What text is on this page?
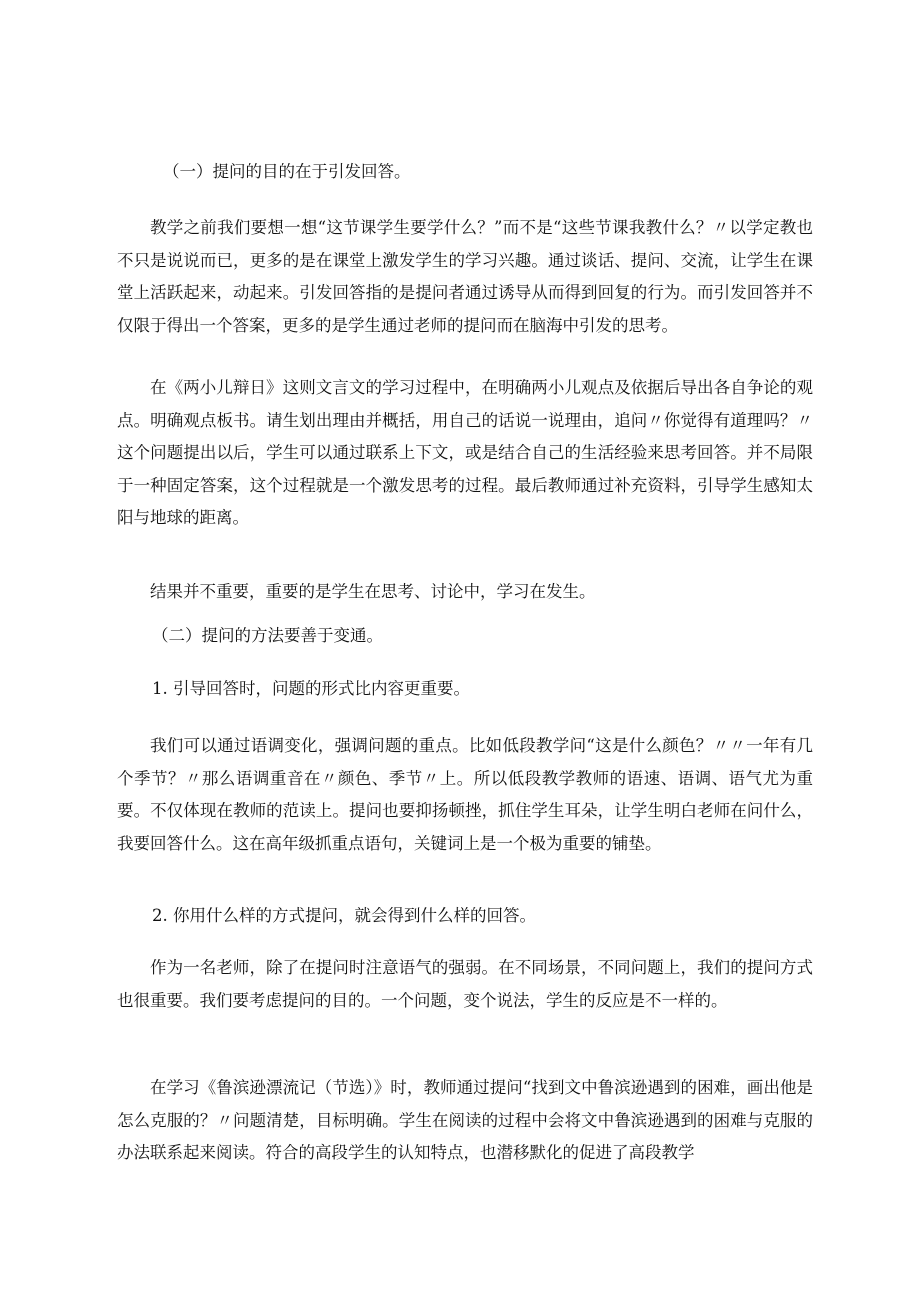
（一）提问的目的在于引发回答。

教学之前我们要想一想“这节课学生要学什么？”而不是“这些节课我教什么？〃以学定教也不只是说说而已，更多的是在课堂上激发学生的学习兴趣。通过谈话、提问、交流，让学生在课堂上活跃起来，动起来。引发回答指的是提问者通过诱导从而得到回复的行为。而引发回答并不仅限于得出一个答案，更多的是学生通过老师的提问而在脑海中引发的思考。

在《两小儿辩日》这则文言文的学习过程中，在明确两小儿观点及依据后导出各自争论的观点。明确观点板书。请生划出理由并概括，用自己的话说一说理由，追问〃你觉得有道理吗？〃这个问题提出以后，学生可以通过联系上下文，或是结合自己的生活经验来思考回答。并不局限于一种固定答案，这个过程就是一个激发思考的过程。最后教师通过补充资料，引导学生感知太阳与地球的距离。

结果并不重要，重要的是学生在思考、讨论中，学习在发生。

（二）提问的方法要善于变通。

1. 引导回答时，问题的形式比内容更重要。

我们可以通过语调变化，强调问题的重点。比如低段教学问“这是什么颜色？〃〃一年有几个季节？〃那么语调重音在〃颜色、季节〃上。所以低段教学教师的语速、语调、语气尤为重要。不仅体现在教师的范读上。提问也要抑扬顿挫，抓住学生耳朵，让学生明白老师在问什么，我要回答什么。这在高年级抓重点语句，关键词上是一个极为重要的铺垫。

2. 你用什么样的方式提问，就会得到什么样的回答。

作为一名老师，除了在提问时注意语气的强弱。在不同场景，不同问题上，我们的提问方式也很重要。我们要考虑提问的目的。一个问题，变个说法，学生的反应是不一样的。

在学习《鲁滨逊漂流记（节选）》时，教师通过提问“找到文中鲁滨逊遇到的困难，画出他是怎么克服的？〃问题清楚，目标明确。学生在阅读的过程中会将文中鲁滨逊遇到的困难与克服的办法联系起来阅读。符合的高段学生的认知特点，也潜移默化的促进了高段教学
